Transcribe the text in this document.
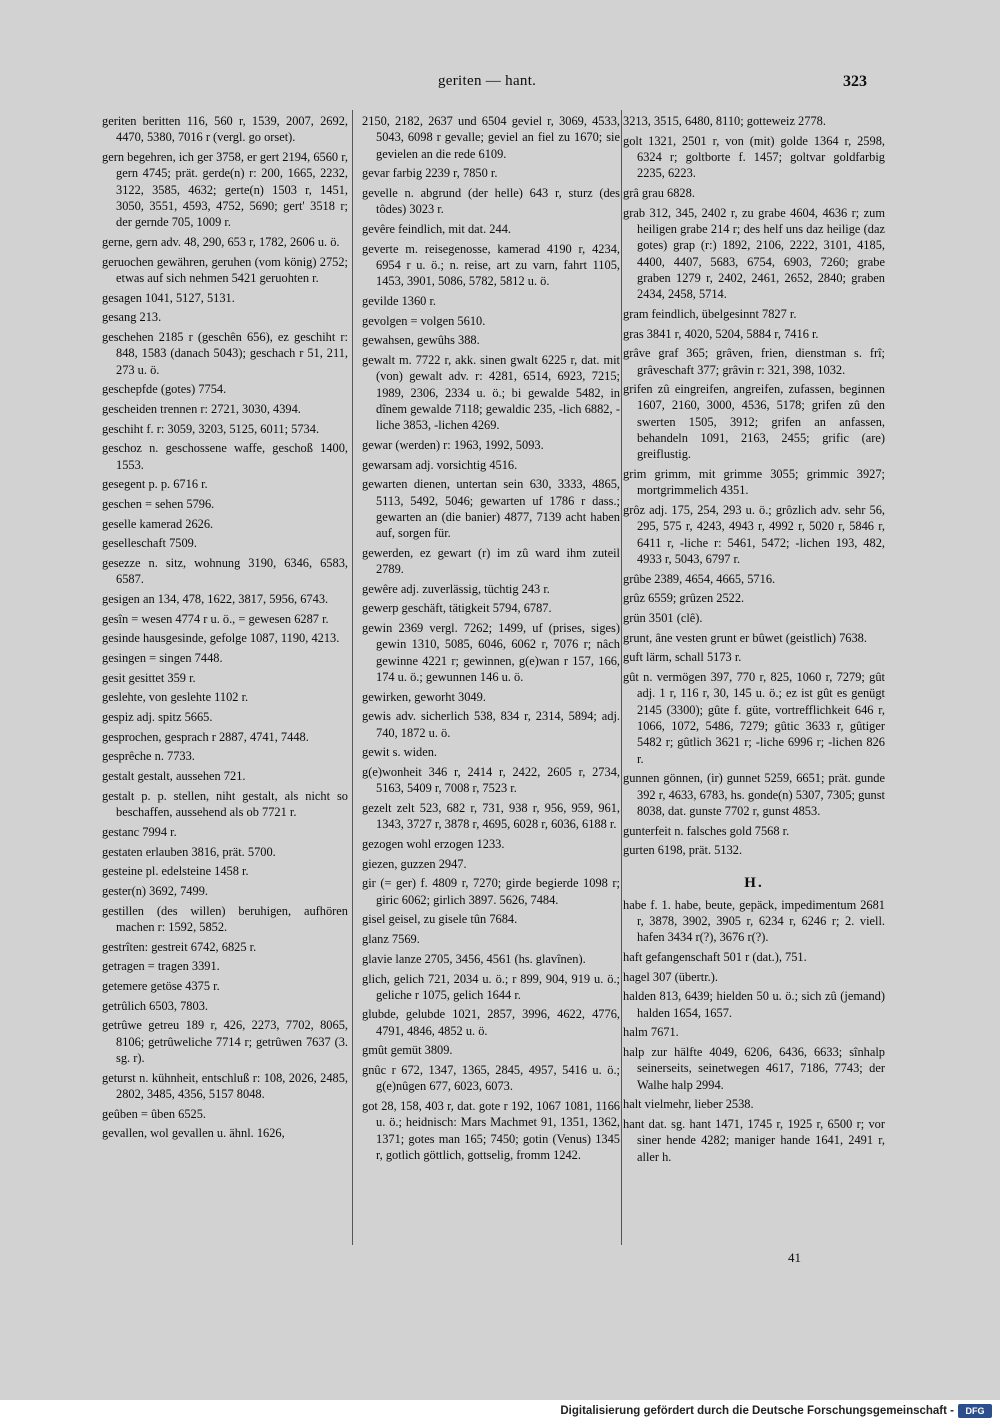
geriten — hant.	323

geriten beritten 116, 560 r, 1539, 2007, 2692, 4470, 5380, 7016 r (vergl. go orset).

gern begehren, ich ger 3758, er gert 2194, 6560 r, gern 4745; prät. gerde(n) r: 200, 1665, 2232, 3122, 3585, 4632; gerte(n) 1503 r, 1451, 3050, 3551, 4593, 4752, 5690; gert' 3518 r; der gernde 705, 1009 r.

gerne, gern adv. 48, 290, 653 r, 1782, 2606 u. ö.

geruochen gewähren, geruhen (vom könig) 2752; etwas auf sich nehmen 5421 geruohten r.

gesagen 1041, 5127, 5131.

gesang 213.

geschehen 2185 r (geschên 656), ez geschiht r: 848, 1583 (danach 5043); geschach r 51, 211, 273 u. ö.

geschepfde (gotes) 7754.

gescheiden trennen r: 2721, 3030, 4394.

geschiht f. r: 3059, 3203, 5125, 6011; 5734.

geschoz n. geschossene waffe, geschoß 1400, 1553.

gesegent p. p. 6716 r.

geschen = sehen 5796.

geselle kamerad 2626.

geselleschaft 7509.

gesezze n. sitz, wohnung 3190, 6346, 6583, 6587.

gesigen an 134, 478, 1622, 3817, 5956, 6743.

gesîn = wesen 4774 r u. ö., = gewesen 6287 r.

gesinde hausgesinde, gefolge 1087, 1190, 4213.

gesingen = singen 7448.

gesit gesittet 359 r.

geslehte, von geslehte 1102 r.

gespiz adj. spitz 5665.

gesprochen, gesprach r 2887, 4741, 7448.

gesprêche n. 7733.

gestalt gestalt, aussehen 721.

gestalt p. p. stellen, niht gestalt, als nicht so beschaffen, aussehend als ob 7721 r.

gestanc 7994 r.

gestaten erlauben 3816, prät. 5700.

gesteine pl. edelsteine 1458 r.

gester(n) 3692, 7499.

gestillen (des willen) beruhigen, aufhören machen r: 1592, 5852.

gestrîten: gestreit 6742, 6825 r.

getragen = tragen 3391.

getemere getöse 4375 r.

getrûlich 6503, 7803.

getrûwe getreu 189 r, 426, 2273, 7702, 8065, 8106; getrûweliche 7714 r; getrûwen 7637 (3. sg. r).

geturst n. kühnheit, entschluß r: 108, 2026, 2485, 2802, 3485, 4356, 5157 8048.

geûben = ûben 6525.

gevallen, wol gevallen u. ähnl. 1626,

2150, 2182, 2637 und 6504 geviel r, 3069, 4533, 5043, 6098 r gevalle; geviel an fiel zu 1670; sie gevielen an die rede 6109.

gevar farbig 2239 r, 7850 r.

gevelle n. abgrund (der helle) 643 r, sturz (des tôdes) 3023 r.

gevêre feindlich, mit dat. 244.

geverte m. reisegenosse, kamerad 4190 r, 4234, 6954 r u. ö.; n. reise, art zu varn, fahrt 1105, 1453, 3901, 5086, 5782, 5812 u. ö.

gevilde 1360 r.

gevolgen = volgen 5610.

gewahsen, gewûhs 388.

gewalt m. 7722 r, akk. sinen gwalt 6225 r, dat. mit (von) gewalt adv. r: 4281, 6514, 6923, 7215; 1989, 2306, 2334 u. ö.; bi gewalde 5482, in dînem gewalde 7118; gewaldic 235, -lich 6882, -liche 3853, -lichen 4269.

gewar (werden) r: 1963, 1992, 5093.

gewarsam adj. vorsichtig 4516.

gewarten dienen, untertan sein 630, 3333, 4865, 5113, 5492, 5046; gewarten uf 1786 r dass.; gewarten an (die banier) 4877, 7139 acht haben auf, sorgen für.

gewerden, ez gewart (r) im zû ward ihm zuteil 2789.

gewêre adj. zuverlässig, tüchtig 243 r.

gewerp geschäft, tätigkeit 5794, 6787.

gewin 2369 vergl. 7262; 1499, uf (prises, siges) gewin 1310, 5085, 6046, 6062 r, 7076 r; nâch gewinne 4221 r; gewinnen, g(e)wan r 157, 166, 174 u. ö.; gewunnen 146 u. ö.

gewirken, geworht 3049.

gewis adv. sicherlich 538, 834 r, 2314, 5894; adj. 740, 1872 u. ö.

gewit s. widen.

g(e)wonheit 346 r, 2414 r, 2422, 2605 r, 2734, 5163, 5409 r, 7008 r, 7523 r.

gezelt zelt 523, 682 r, 731, 938 r, 956, 959, 961, 1343, 3727 r, 3878 r, 4695, 6028 r, 6036, 6188 r.

gezogen wohl erzogen 1233.

giezen, guzzen 2947.

gir (= ger) f. 4809 r, 7270; girde begierde 1098 r; giric 6062; girlich 3897. 5626, 7484.

gisel geisel, zu gisele tûn 7684.

glanz 7569.

glavie lanze 2705, 3456, 4561 (hs. glavînen).

glich, gelich 721, 2034 u. ö.; r 899, 904, 919 u. ö.; geliche r 1075, gelich 1644 r.

glubde, gelubde 1021, 2857, 3996, 4622, 4776, 4791, 4846, 4852 u. ö.

gmût gemüt 3809.

gnûc r 672, 1347, 1365, 2845, 4957, 5416 u. ö.; g(e)nûgen 677, 6023, 6073.

got 28, 158, 403 r, dat. gote r 192, 1067 1081, 1166 u. ö.; heidnisch: Mars Machmet 91, 1351, 1362, 1371; gotes man 165; 7450; gotin (Venus) 1345 r, gotlich göttlich, gottselig, fromm 1242.

3213, 3515, 6480, 8110; gotteweiz 2778.

golt 1321, 2501 r, von (mit) golde 1364 r, 2598, 6324 r; goltborte f. 1457; goltvar goldfarbig 2235, 6223.

grâ grau 6828.

grab 312, 345, 2402 r, zu grabe 4604, 4636 r; zum heiligen grabe 214 r; des helf uns daz heilige (daz gotes) grap (r:) 1892, 2106, 2222, 3101, 4185, 4400, 4407, 5683, 6754, 6903, 7260; grabe graben 1279 r, 2402, 2461, 2652, 2840; graben 2434, 2458, 5714.

gram feindlich, übelgesinnt 7827 r.

gras 3841 r, 4020, 5204, 5884 r, 7416 r.

grâve graf 365; grâven, frien, dienstman s. frî; grâveschaft 377; grâvin r: 321, 398, 1032.

grifen zû eingreifen, angreifen, zufassen, beginnen 1607, 2160, 3000, 4536, 5178; grifen zû den swerten 1505, 3912; grifen an anfassen, behandeln 1091, 2163, 2455; grific (are) greiflustig.

grim grimm, mit grimme 3055; grimmic 3927; mortgrimmelich 4351.

grôz adj. 175, 254, 293 u. ö.; grôzlich adv. sehr 56, 295, 575 r, 4243, 4943 r, 4992 r, 5020 r, 5846 r, 6411 r, -liche r: 5461, 5472; -lichen 193, 482, 4933 r, 5043, 6797 r.

grûbe 2389, 4654, 4665, 5716.

grûz 6559; grûzen 2522.

grün 3501 (clê).

grunt, âne vesten grunt er bûwet (geistlich) 7638.

guft lärm, schall 5173 r.

gût n. vermögen 397, 770 r, 825, 1060 r, 7279; gût adj. 1 r, 116 r, 30, 145 u. ö.; ez ist gût es genügt 2145 (3300); gûte f. güte, vortrefflichkeit 646 r, 1066, 1072, 5486, 7279; gûtic 3633 r, gûtiger 5482 r; gûtlich 3621 r; -liche 6996 r; -lichen 826 r.

gunnen gönnen, (ir) gunnet 5259, 6651; prät. gunde 392 r, 4633, 6783, hs. gonde(n) 5307, 7305; gunst 8038, dat. gunste 7702 r, gunst 4853.

gunterfeit n. falsches gold 7568 r.

gurten 6198, prät. 5132.

H.

habe f. 1. habe, beute, gepäck, impedimentum 2681 r, 3878, 3902, 3905 r, 6234 r, 6246 r; 2. viell. hafen 3434 r(?), 3676 r(?).

haft gefangenschaft 501 r (dat.), 751.

hagel 307 (übertr.).

halden 813, 6439; hielden 50 u. ö.; sich zû (jemand) halden 1654, 1657.

halm 7671.

halp zur hälfte 4049, 6206, 6436, 6633; sînhalp seinerseits, seinetwegen 4617, 7186, 7743; der Walhe halp 2994.

halt vielmehr, lieber 2538.

hant dat. sg. hant 1471, 1745 r, 1925 r, 6500 r; vor siner hende 4282; maniger hande 1641, 2491 r, aller h.

41
Digitalisierung gefördert durch die Deutsche Forschungsgemeinschaft -	DFG
